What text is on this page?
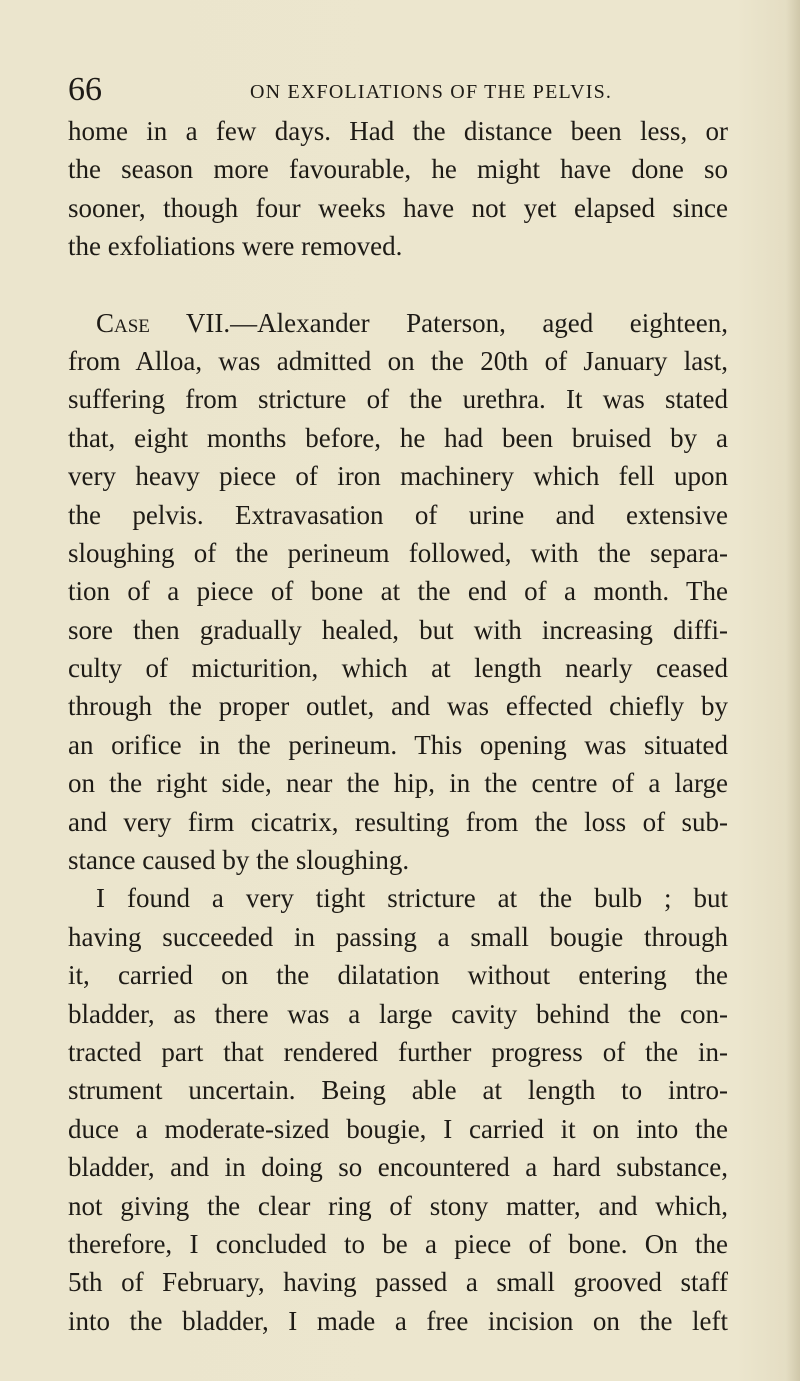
66	ON EXFOLIATIONS OF THE PELVIS.
home in a few days. Had the distance been less, or
the season more favourable, he might have done so
sooner, though four weeks have not yet elapsed since
the exfoliations were removed.
Case VII.—Alexander Paterson, aged eighteen,
from Alloa, was admitted on the 20th of January last,
suffering from stricture of the urethra. It was stated
that, eight months before, he had been bruised by a
very heavy piece of iron machinery which fell upon
the pelvis. Extravasation of urine and extensive
sloughing of the perineum followed, with the separa-
tion of a piece of bone at the end of a month. The
sore then gradually healed, but with increasing diffi-
culty of micturition, which at length nearly ceased
through the proper outlet, and was effected chiefly by
an orifice in the perineum. This opening was situated
on the right side, near the hip, in the centre of a large
and very firm cicatrix, resulting from the loss of sub-
stance caused by the sloughing.
I found a very tight stricture at the bulb ; but
having succeeded in passing a small bougie through
it, carried on the dilatation without entering the
bladder, as there was a large cavity behind the con-
tracted part that rendered further progress of the in-
strument uncertain. Being able at length to intro-
duce a moderate-sized bougie, I carried it on into the
bladder, and in doing so encountered a hard substance,
not giving the clear ring of stony matter, and which,
therefore, I concluded to be a piece of bone. On the
5th of February, having passed a small grooved staff
into the bladder, I made a free incision on the left
